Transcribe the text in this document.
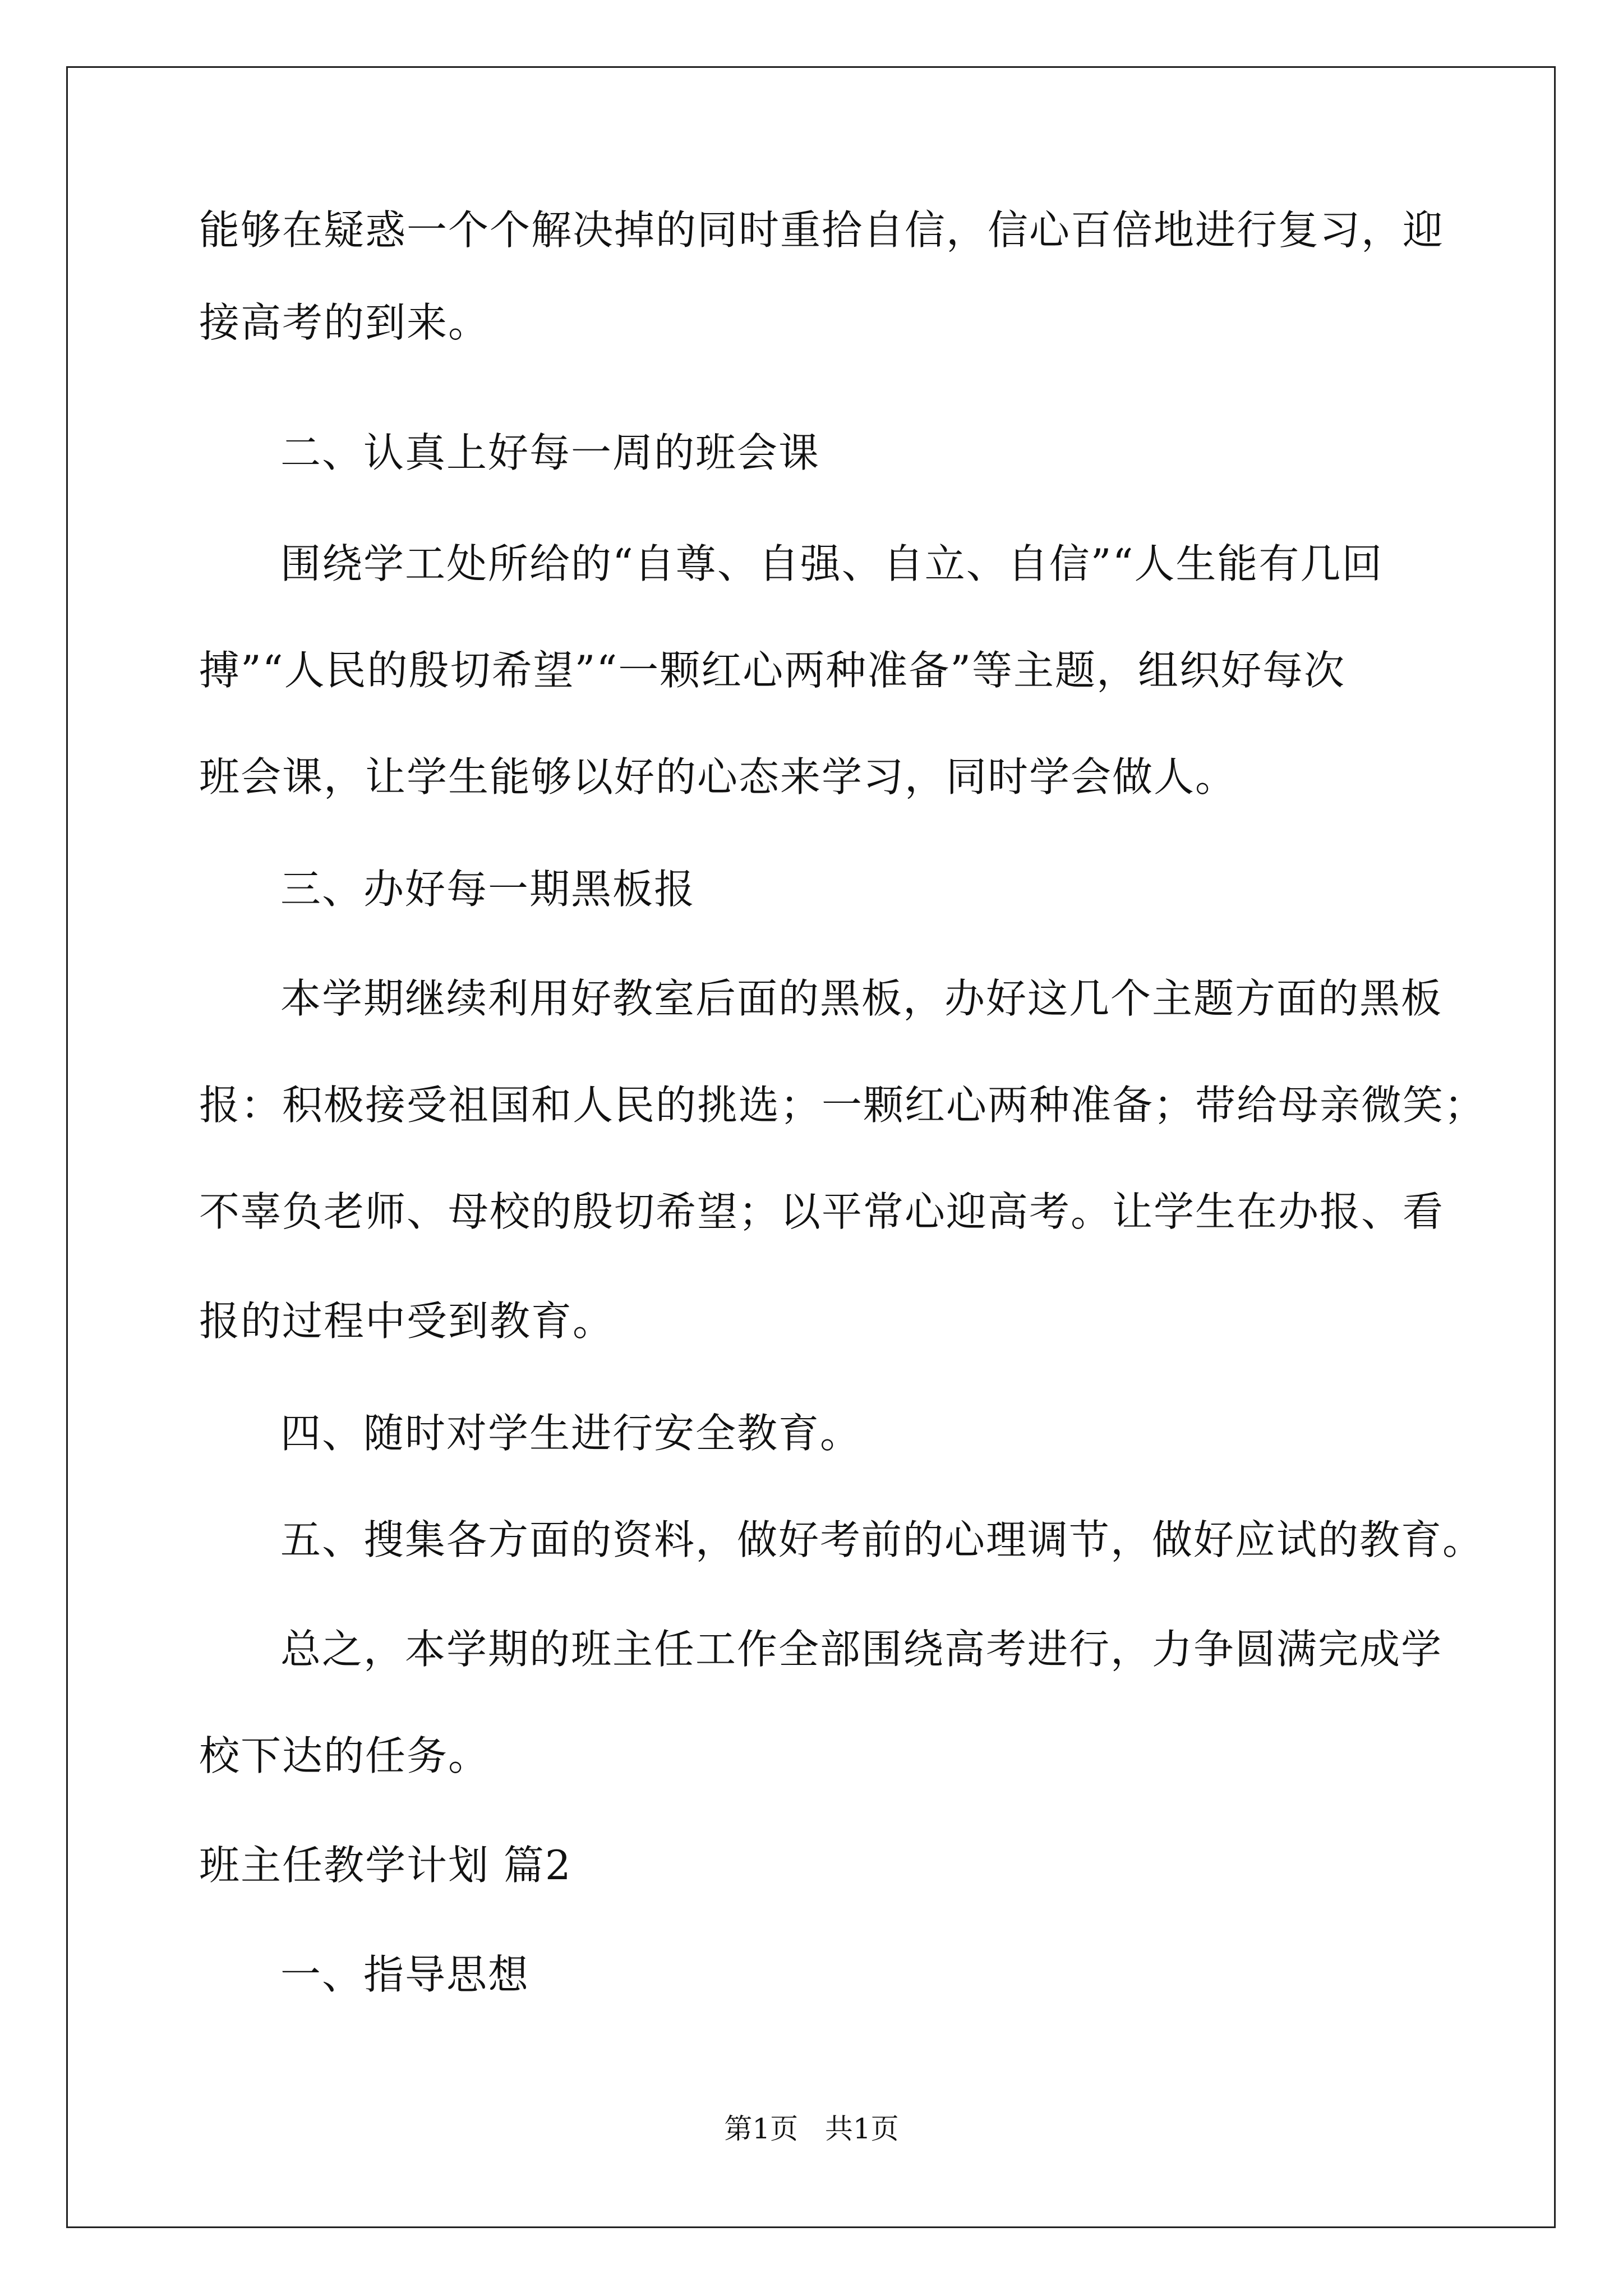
能够在疑惑一个个解决掉的同时重拾自信，信心百倍地进行复习，迎
接高考的到来。
二、认真上好每一周的班会课
围绕学工处所给的“自尊、自强、自立、自信”“人生能有几回
搏”“人民的殷切希望”“一颗红心两种准备”等主题，组织好每次
班会课，让学生能够以好的心态来学习，同时学会做人。
三、办好每一期黑板报
本学期继续利用好教室后面的黑板，办好这几个主题方面的黑板
报：积极接受祖国和人民的挑选；一颗红心两种准备；带给母亲微笑；
不辜负老师、母校的殷切希望；以平常心迎高考。让学生在办报、看
报的过程中受到教育。
四、随时对学生进行安全教育。
五、搜集各方面的资料，做好考前的心理调节，做好应试的教育。
总之，本学期的班主任工作全部围绕高考进行，力争圆满完成学
校下达的任务。
班主任教学计划 篇2
一、指导思想
第1页   共1页
